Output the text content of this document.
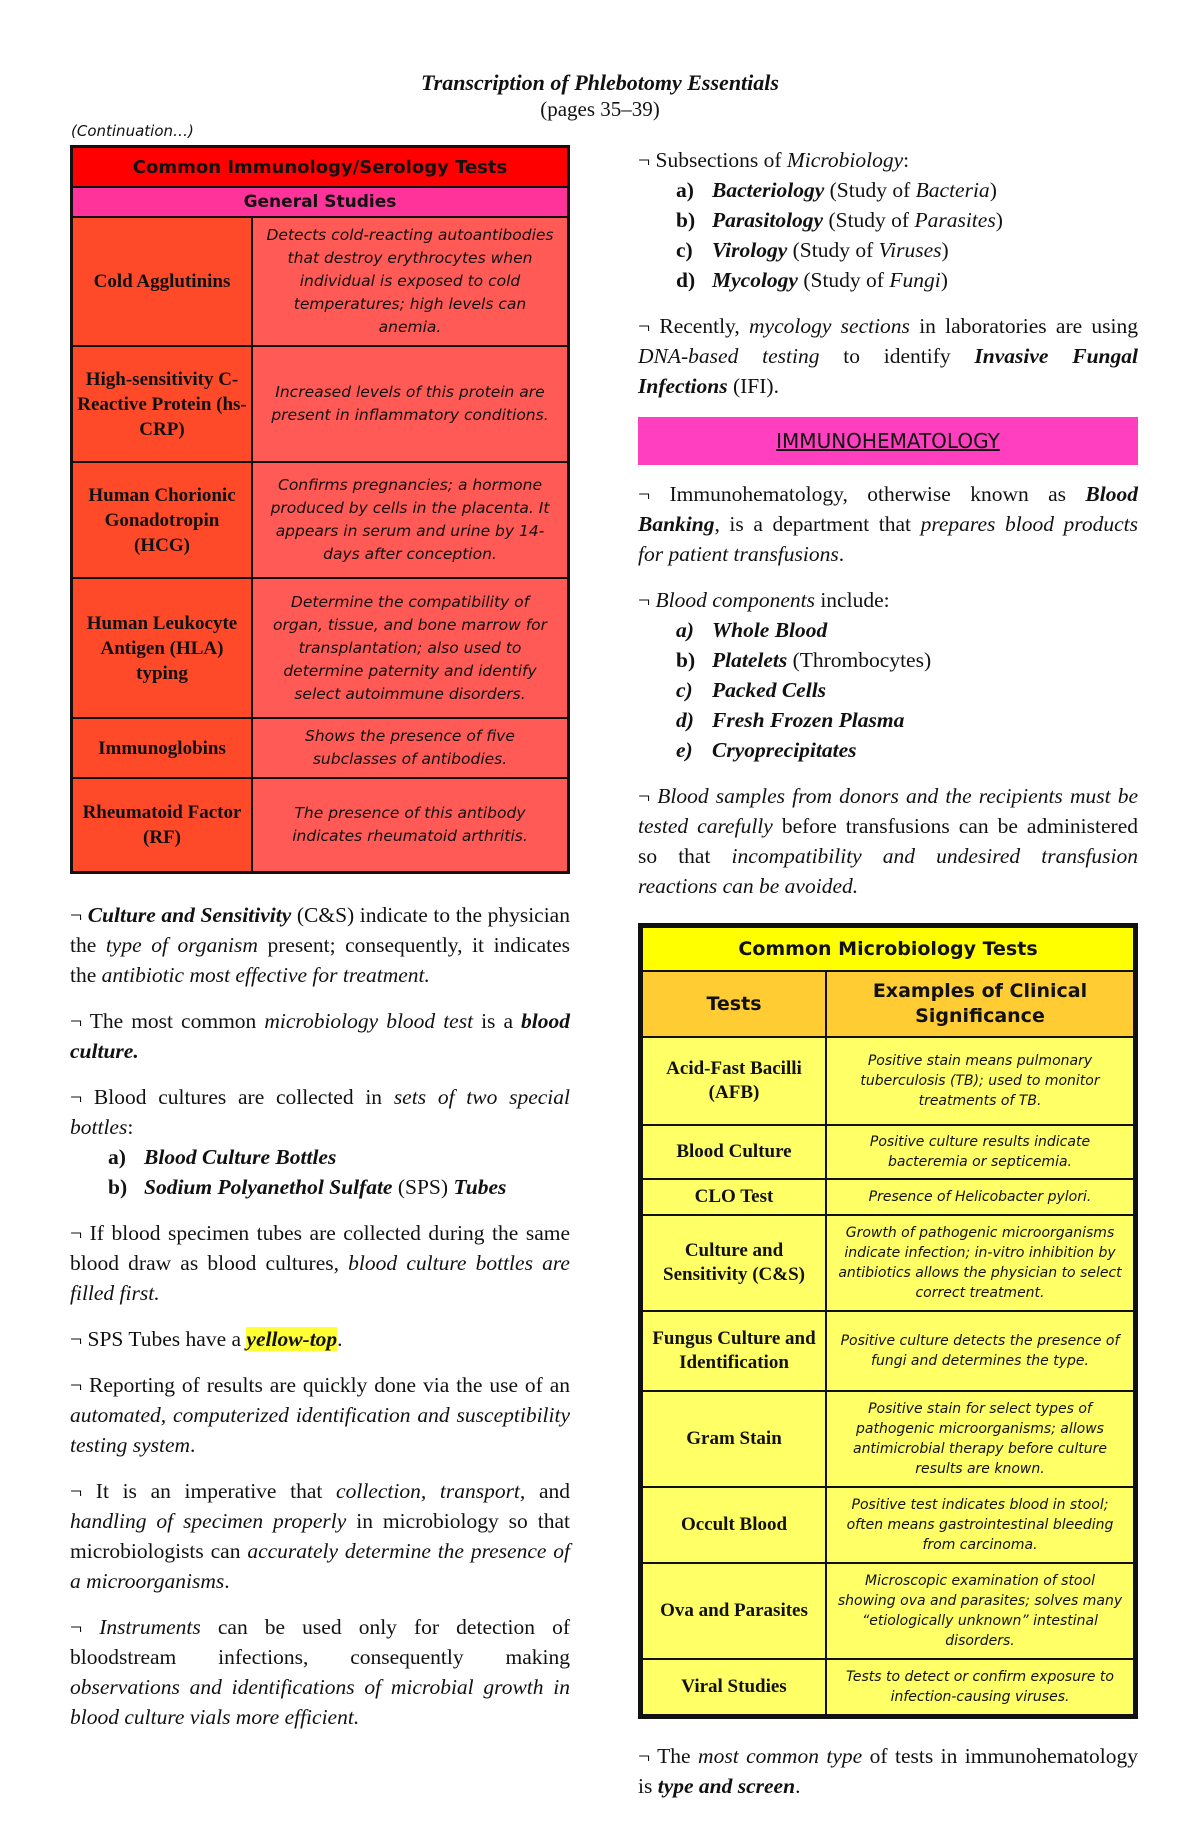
Transcription of Phlebotomy Essentials
(pages 35–39)
(Continuation…)
Common Immunology/Serology Tests	
General Studies	
Cold Agglutinins	Detects cold-reacting autoantibodies that destroy erythrocytes when individual is exposed to cold temperatures; high levels can anemia.
High-sensitivity C-Reactive Protein (hs-CRP)	Increased levels of this protein are present in inflammatory conditions.
Human Chorionic Gonadotropin (HCG)	Confirms pregnancies; a hormone produced by cells in the placenta. It appears in serum and urine by 14-days after conception.
Human Leukocyte Antigen (HLA) typing	Determine the compatibility of organ, tissue, and bone marrow for transplantation; also used to determine paternity and identify select autoimmune disorders.
Immunoglobins	Shows the presence of five subclasses of antibodies.
Rheumatoid Factor (RF)	The presence of this antibody indicates rheumatoid arthritis.

¬ Culture and Sensitivity (C&S) indicate to the physician the type of organism present; consequently, it indicates the antibiotic most effective for treatment.

¬ The most common microbiology blood test is a blood culture.

¬ Blood cultures are collected in sets of two special bottles:

a) Blood Culture Bottles
b) Sodium Polyanethol Sulfate (SPS) Tubes

¬ If blood specimen tubes are collected during the same blood draw as blood cultures, blood culture bottles are filled first.

¬ SPS Tubes have a yellow-top.

¬ Reporting of results are quickly done via the use of an automated, computerized identification and susceptibility testing system.

¬ It is an imperative that collection, transport, and handling of specimen properly in microbiology so that microbiologists can accurately determine the presence of a microorganisms.

¬ Instruments can be used only for detection of bloodstream infections, consequently making observations and identifications of microbial growth in blood culture vials more efficient.

¬ Subsections of Microbiology:

a) Bacteriology (Study of Bacteria)
b) Parasitology (Study of Parasites)
c) Virology (Study of Viruses)
d) Mycology (Study of Fungi)

¬ Recently, mycology sections in laboratories are using DNA-based testing to identify Invasive Fungal Infections (IFI).

IMMUNOHEMATOLOGY

¬ Immunohematology, otherwise known as Blood Banking, is a department that prepares blood products for patient transfusions.

¬ Blood components include:

a) Whole Blood
b) Platelets (Thrombocytes)
c) Packed Cells
d) Fresh Frozen Plasma
e) Cryoprecipitates

¬ Blood samples from donors and the recipients must be tested carefully before transfusions can be administered so that incompatibility and undesired transfusion reactions can be avoided.

Common Microbiology Tests	
Tests	Examples of Clinical Significance
Acid-Fast Bacilli (AFB)	Positive stain means pulmonary tuberculosis (TB); used to monitor treatments of TB.
Blood Culture	Positive culture results indicate bacteremia or septicemia.
CLO Test	Presence of Helicobacter pylori.
Culture and Sensitivity (C&S)	Growth of pathogenic microorganisms indicate infection; in-vitro inhibition by antibiotics allows the physician to select correct treatment.
Fungus Culture and Identification	Positive culture detects the presence of fungi and determines the type.
Gram Stain	Positive stain for select types of pathogenic microorganisms; allows antimicrobial therapy before culture results are known.
Occult Blood	Positive test indicates blood in stool; often means gastrointestinal bleeding from carcinoma.
Ova and Parasites	Microscopic examination of stool showing ova and parasites; solves many “etiologically unknown” intestinal disorders.
Viral Studies	Tests to detect or confirm exposure to infection-causing viruses.

¬ The most common type of tests in immunohematology is type and screen.
